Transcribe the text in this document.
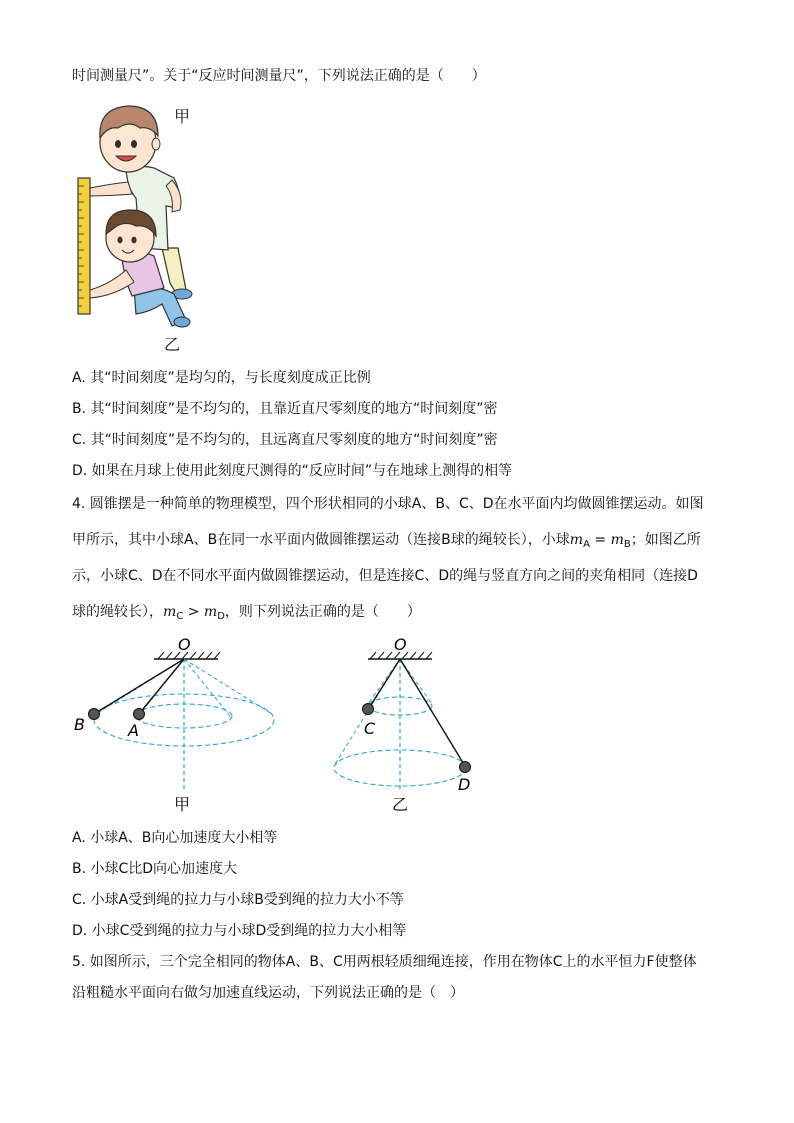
时间测量尺”。关于“反应时间测量尺”，下列说法正确的是（　　）
甲
乙
A. 其“时间刻度”是均匀的，与长度刻度成正比例
B. 其“时间刻度”是不均匀的，且靠近直尺零刻度的地方“时间刻度”密
C. 其“时间刻度”是不均匀的，且远离直尺零刻度的地方“时间刻度”密
D. 如果在月球上使用此刻度尺测得的“反应时间”与在地球上测得的相等
4. 圆锥摆是一种简单的物理模型，四个形状相同的小球A、B、C、D在水平面内均做圆锥摆运动。如图
甲所示，其中小球A、B在同一水平面内做圆锥摆运动（连接B球的绳较长），小球$m_A = m_B$；如图乙所
示，小球C、D在不同水平面内做圆锥摆运动，但是连接C、D的绳与竖直方向之间的夹角相同（连接D
球的绳较长），$m_C > m_D$，则下列说法正确的是（　　）
O
B	A
甲
O
C
D
乙
A. 小球A、B向心加速度大小相等
B. 小球C比D向心加速度大
C. 小球A受到绳的拉力与小球B受到绳的拉力大小不等
D. 小球C受到绳的拉力与小球D受到绳的拉力大小相等
5. 如图所示，三个完全相同的物体A、B、C用两根轻质细绳连接，作用在物体C上的水平恒力F使整体
沿粗糙水平面向右做匀加速直线运动，下列说法正确的是（　）
